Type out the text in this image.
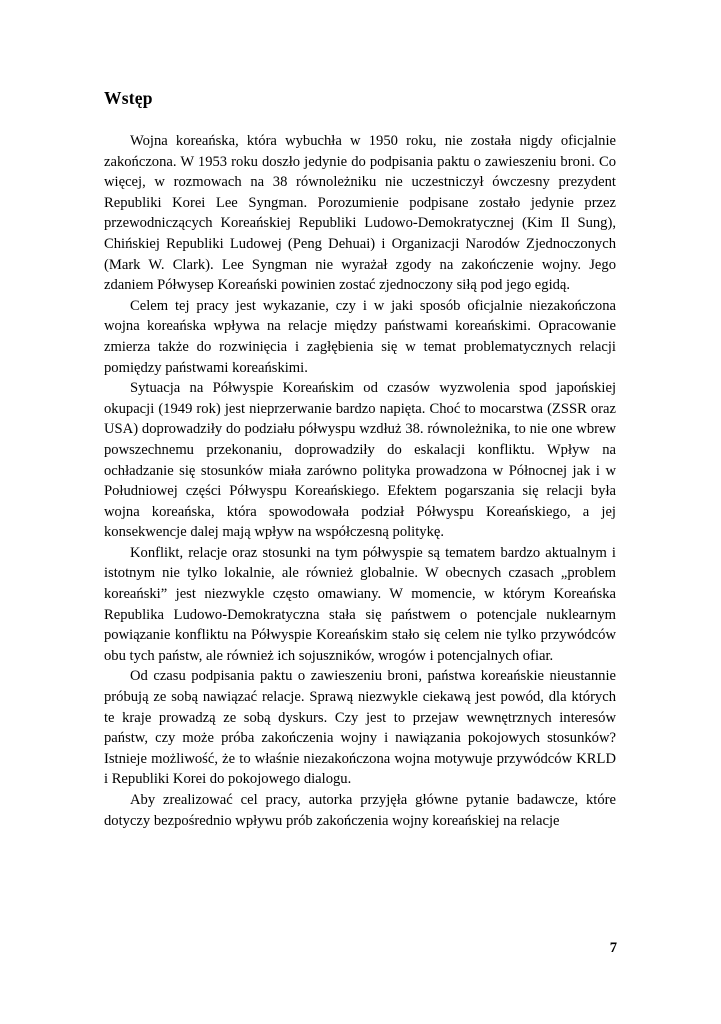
Wstęp

Wojna koreańska, która wybuchła w 1950 roku, nie została nigdy oficjalnie zakończona. W 1953 roku doszło jedynie do podpisania paktu o zawieszeniu broni. Co więcej, w rozmowach na 38 równoleżniku nie uczestniczył ówczesny prezydent Republiki Korei Lee Syngman. Porozumienie podpisane zostało jedynie przez przewodniczących Koreańskiej Republiki Ludowo-Demokratycznej (Kim Il Sung), Chińskiej Republiki Ludowej (Peng Dehuai) i Organizacji Narodów Zjednoczonych (Mark W. Clark). Lee Syngman nie wyrażał zgody na zakończenie wojny. Jego zdaniem Półwysep Koreański powinien zostać zjednoczony siłą pod jego egidą.

Celem tej pracy jest wykazanie, czy i w jaki sposób oficjalnie niezakończona wojna koreańska wpływa na relacje między państwami koreańskimi. Opracowanie zmierza także do rozwinięcia i zagłębienia się w temat problematycznych relacji pomiędzy państwami koreańskimi.

Sytuacja na Półwyspie Koreańskim od czasów wyzwolenia spod japońskiej okupacji (1949 rok) jest nieprzerwanie bardzo napięta. Choć to mocarstwa (ZSSR oraz USA) doprowadziły do podziału półwyspu wzdłuż 38. równoleżnika, to nie one wbrew powszechnemu przekonaniu, doprowadziły do eskalacji konfliktu. Wpływ na ochładzanie się stosunków miała zarówno polityka prowadzona w Północnej jak i w Południowej części Półwyspu Koreańskiego. Efektem pogarszania się relacji była wojna koreańska, która spowodowała podział Półwyspu Koreańskiego, a jej konsekwencje dalej mają wpływ na współczesną politykę.

Konflikt, relacje oraz stosunki na tym półwyspie są tematem bardzo aktualnym i istotnym nie tylko lokalnie, ale również globalnie. W obecnych czasach „problem koreański” jest niezwykle często omawiany. W momencie, w którym Koreańska Republika Ludowo-Demokratyczna stała się państwem o potencjale nuklearnym powiązanie konfliktu na Półwyspie Koreańskim stało się celem nie tylko przywódców obu tych państw, ale również ich sojuszników, wrogów i potencjalnych ofiar.

Od czasu podpisania paktu o zawieszeniu broni, państwa koreańskie nieustannie próbują ze sobą nawiązać relacje. Sprawą niezwykle ciekawą jest powód, dla których te kraje prowadzą ze sobą dyskurs. Czy jest to przejaw wewnętrznych interesów państw, czy może próba zakończenia wojny i nawiązania pokojowych stosunków? Istnieje możliwość, że to właśnie niezakończona wojna motywuje przywódców KRLD i Republiki Korei do pokojowego dialogu.

Aby zrealizować cel pracy, autorka przyjęła główne pytanie badawcze, które dotyczy bezpośrednio wpływu prób zakończenia wojny koreańskiej na relacje

7
